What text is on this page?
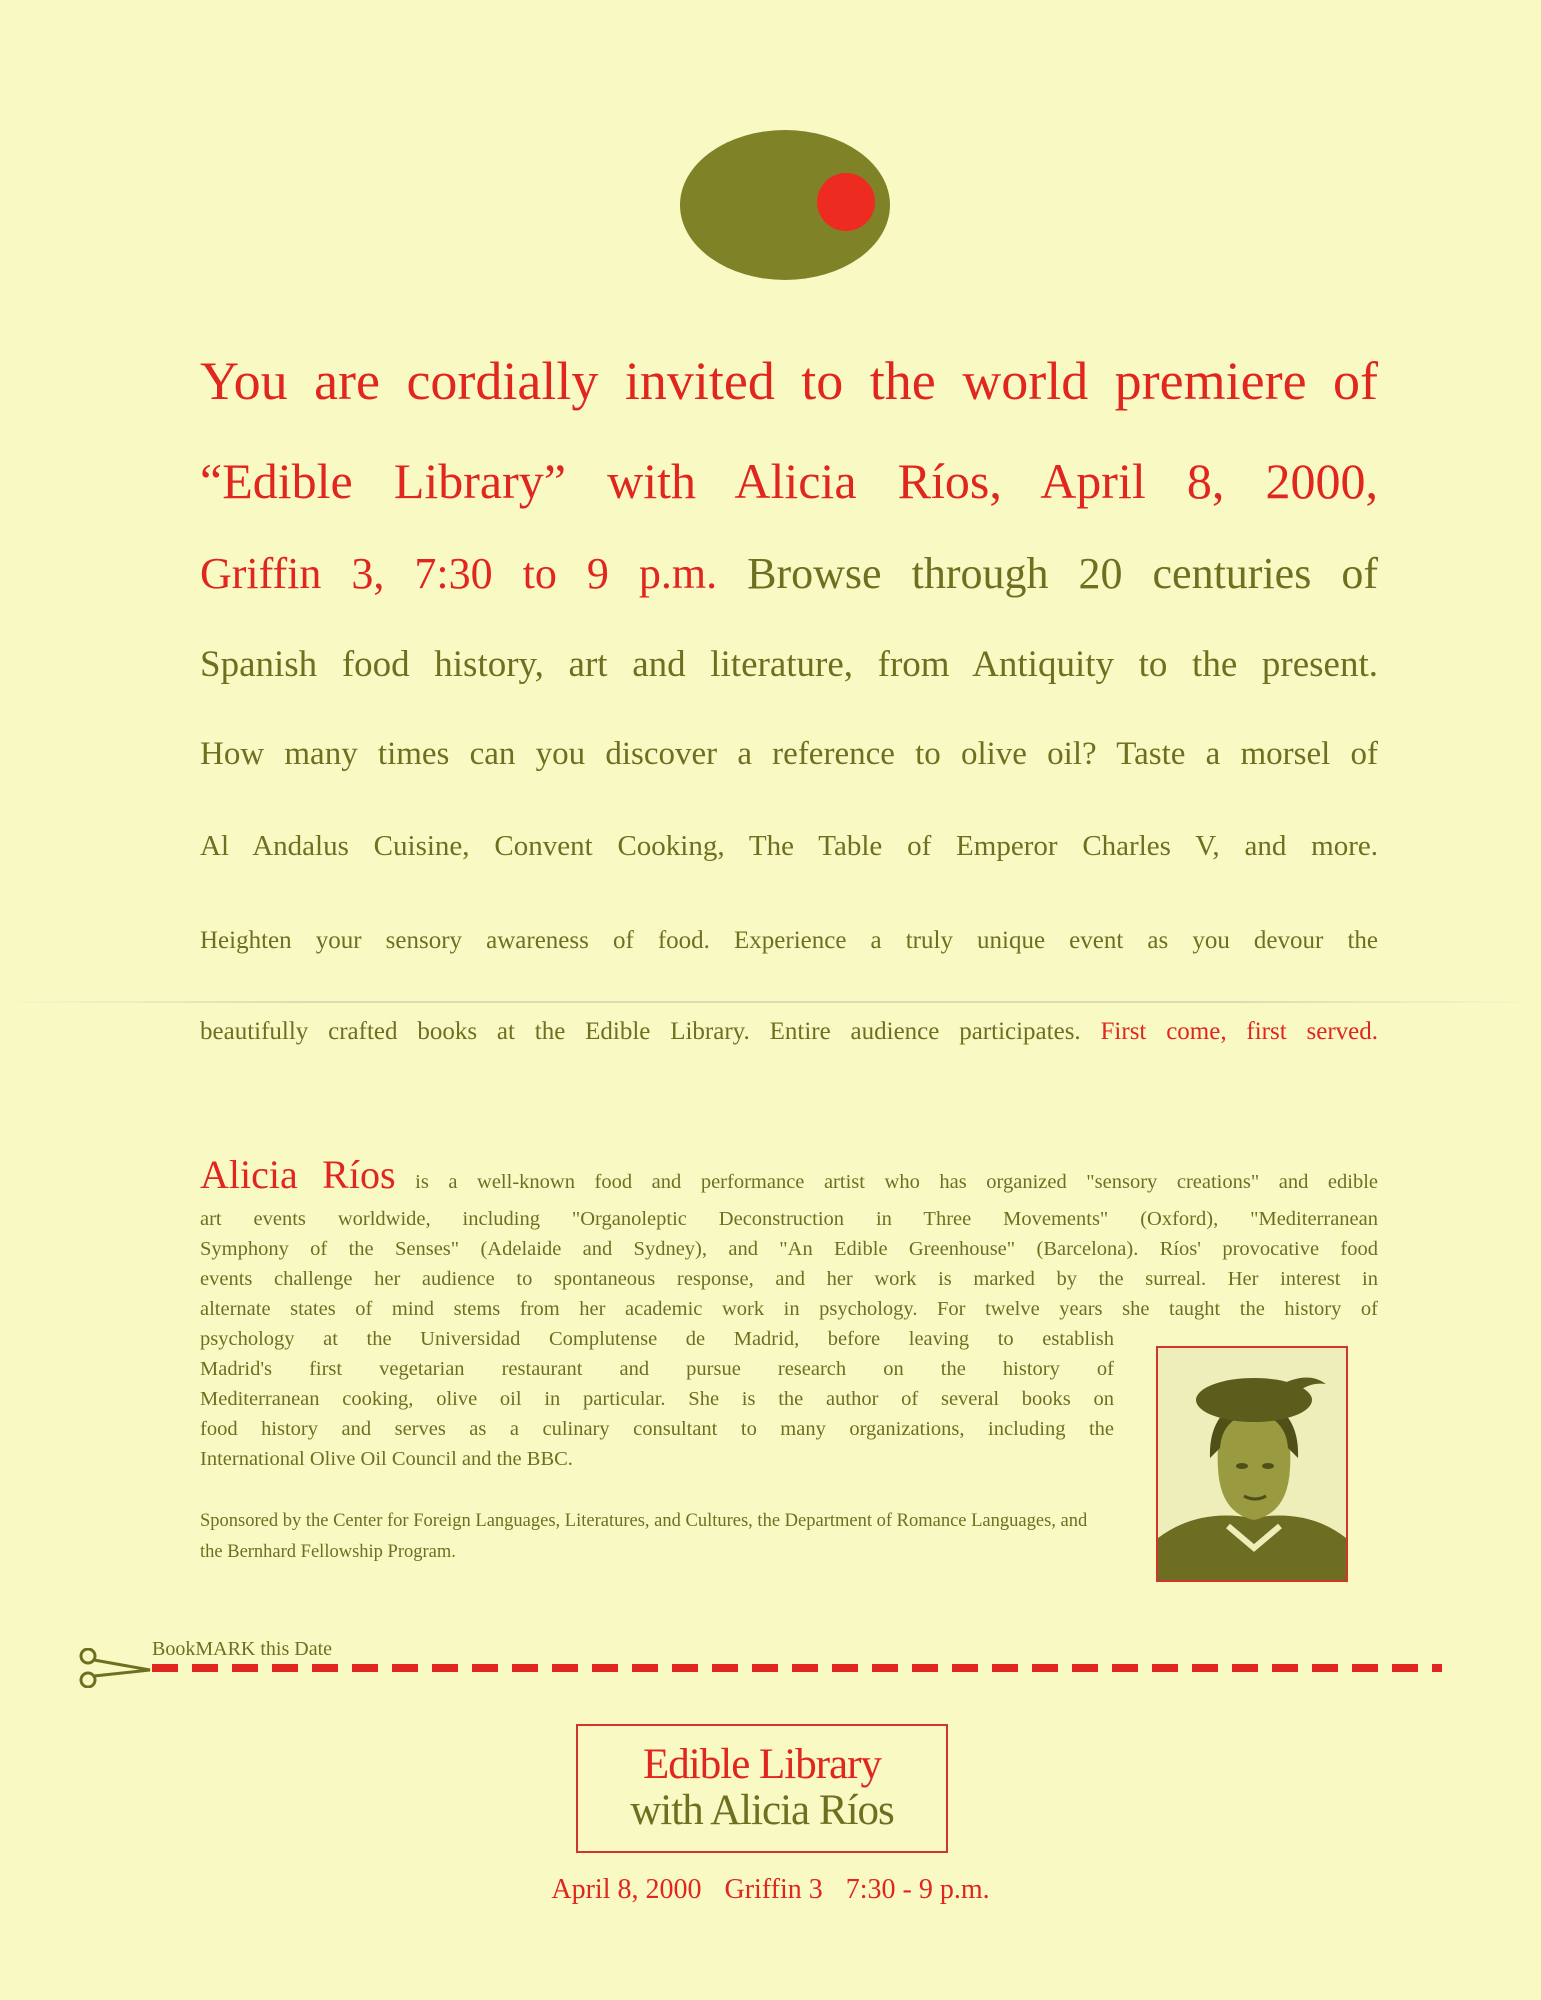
You are cordially invited to the world premiere of
“Edible Library” with Alicia Ríos, April 8, 2000,
Griffin 3, 7:30 to 9 p.m. Browse through 20 centuries of
Spanish food history, art and literature, from Antiquity to the present.
How many times can you discover a reference to olive oil? Taste a morsel of
Al Andalus Cuisine, Convent Cooking, The Table of Emperor Charles V, and more.
Heighten your sensory awareness of food. Experience a truly unique event as you devour the
beautifully crafted books at the Edible Library. Entire audience participates. First come, first served.
Alicia Ríos is a well-known food and performance artist who has organized "sensory creations" and edible
art events worldwide, including "Organoleptic Deconstruction in Three Movements" (Oxford), "Mediterranean
Symphony of the Senses" (Adelaide and Sydney), and "An Edible Greenhouse" (Barcelona). Ríos' provocative food
events challenge her audience to spontaneous response, and her work is marked by the surreal. Her interest in
alternate states of mind stems from her academic work in psychology. For twelve years she taught the history of
psychology at the Universidad Complutense de Madrid, before leaving to establish
Madrid's first vegetarian restaurant and pursue research on the history of
Mediterranean cooking, olive oil in particular. She is the author of several books on
food history and serves as a culinary consultant to many organizations, including the
International Olive Oil Council and the BBC.
Sponsored by the Center for Foreign Languages, Literatures, and Cultures, the Department of Romance Languages, and the Bernhard Fellowship Program.
BookMARK this Date
Edible Library
with Alicia Ríos
April 8, 2000 Griffin 3 7:30 - 9 p.m.
